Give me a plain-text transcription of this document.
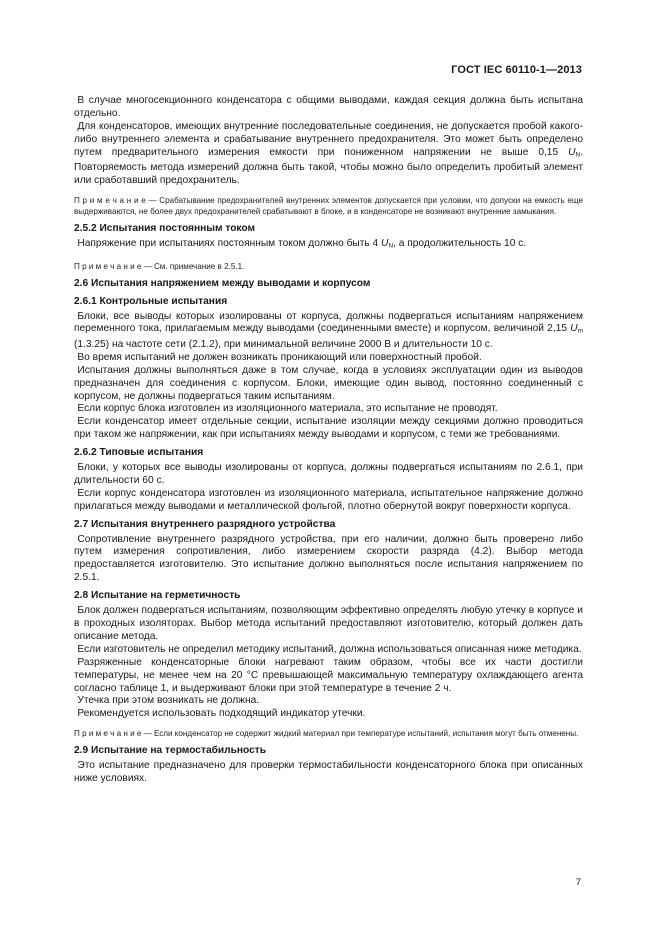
ГОСТ IEC 60110-1—2013

В случае многосекционного конденсатора с общими выводами, каждая секция должна быть испытана отдельно.

Для конденсаторов, имеющих внутренние последовательные соединения, не допускается пробой какого-либо внутреннего элемента и срабатывание внутреннего предохранителя. Это может быть определено путем предварительного измерения емкости при пониженном напряжении не выше 0,15 $U_N$. Повторяемость метода измерений должна быть такой, чтобы можно было определить пробитый элемент или сработавший предохранитель.

П р и м е ч а н и е — Срабатывание предохранителей внутренних элементов допускается при условии, что допуски на емкость еще выдерживаются, не более двух предохранителей срабатывают в блоке, и в конденсаторе не возникают внутренние замыкания.
2.5.2 Испытания постоянным током

Напряжение при испытаниях постоянным током должно быть 4 $U_N$, а продолжительность 10 с.

П р и м е ч а н и е — См. примечание в 2.5.1.
2.6 Испытания напряжением между выводами и корпусом
2.6.1 Контрольные испытания

Блоки, все выводы которых изолированы от корпуса, должны подвергаться испытаниям напряжением переменного тока, прилагаемым между выводами (соединенными вместе) и корпусом, величиной 2,15 $U_m$ (1.3.25) на частоте сети (2.1.2), при минимальной величине 2000 В и длительности 10 с.

Во время испытаний не должен возникать проникающий или поверхностный пробой.

Испытания должны выполняться даже в том случае, когда в условиях эксплуатации один из выводов предназначен для соединения с корпусом. Блоки, имеющие один вывод, постоянно соединенный с корпусом, не должны подвергаться таким испытаниям.

Если корпус блока изготовлен из изоляционного материала, это испытание не проводят.

Если конденсатор имеет отдельные секции, испытание изоляции между секциями должно проводиться при таком же напряжении, как при испытаниях между выводами и корпусом, с теми же требованиями.

2.6.2 Типовые испытания

Блоки, у которых все выводы изолированы от корпуса, должны подвергаться испытаниям по 2.6.1, при длительности 60 с.

Если корпус конденсатора изготовлен из изоляционного материала, испытательное напряжение должно прилагаться между выводами и металлической фольгой, плотно обернутой вокруг поверхности корпуса.

2.7 Испытания внутреннего разрядного устройства

Сопротивление внутреннего разрядного устройства, при его наличии, должно быть проверено либо путем измерения сопротивления, либо измерением скорости разряда (4.2). Выбор метода предоставляется изготовителю. Это испытание должно выполняться после испытания напряжением по 2.5.1.

2.8 Испытание на герметичность

Блок должен подвергаться испытаниям, позволяющим эффективно определять любую утечку в корпусе и в проходных изоляторах. Выбор метода испытаний предоставляют изготовителю, который должен дать описание метода.

Если изготовитель не определил методику испытаний, должна использоваться описанная ниже методика.

Разряженные конденсаторные блоки нагревают таким образом, чтобы все их части достигли температуры, не менее чем на 20 °С превышающей максимальную температуру охлаждающего агента согласно таблице 1, и выдерживают блоки при этой температуре в течение 2 ч.

Утечка при этом возникать не должна.

Рекомендуется использовать подходящий индикатор утечки.

П р и м е ч а н и е — Если конденсатор не содержит жидкий материал при температуре испытаний, испытания могут быть отменены.
2.9 Испытание на термостабильность

Это испытание предназначено для проверки термостабильности конденсаторного блока при описанных ниже условиях.

7
